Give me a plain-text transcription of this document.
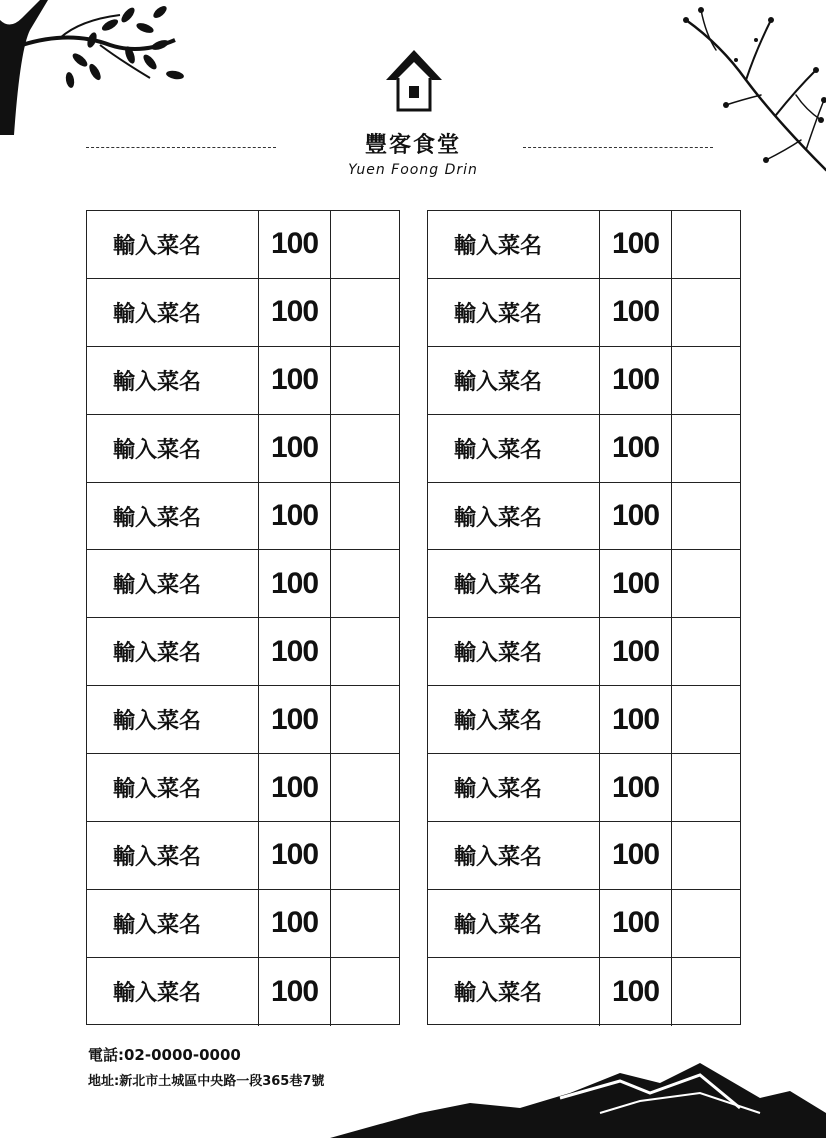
豐客食堂
Yuen Foong Drin
輸入菜名	100
輸入菜名	100
輸入菜名	100
輸入菜名	100
輸入菜名	100
輸入菜名	100
輸入菜名	100
輸入菜名	100
輸入菜名	100
輸入菜名	100
輸入菜名	100
輸入菜名	100
輸入菜名	100
輸入菜名	100
輸入菜名	100
輸入菜名	100
輸入菜名	100
輸入菜名	100
輸入菜名	100
輸入菜名	100
輸入菜名	100
輸入菜名	100
輸入菜名	100
輸入菜名	100
電話:02-0000-0000
地址:新北市土城區中央路一段365巷7號
